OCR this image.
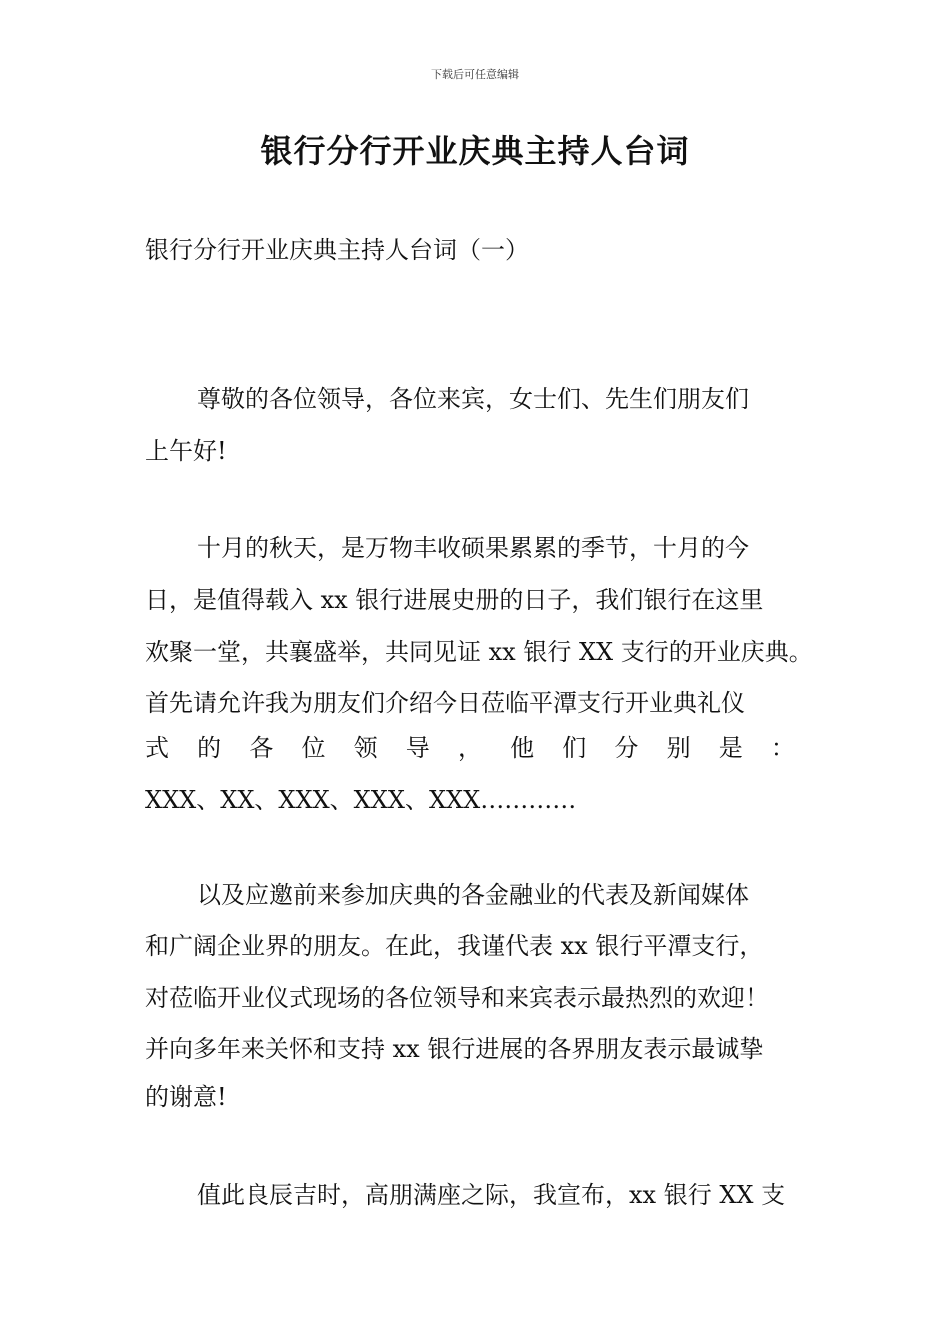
下载后可任意编辑
银行分行开业庆典主持人台词

银行分行开业庆典主持人台词（一）

尊敬的各位领导，各位来宾，女士们、先生们朋友们

上午好!

十月的秋天，是万物丰收硕果累累的季节，十月的今

日，是值得载入 xx 银行进展史册的日子，我们银行在这里

欢聚一堂，共襄盛举，共同见证 xx 银行 XX 支行的开业庆典。

首先请允许我为朋友们介绍今日莅临平潭支行开业典礼仪

式 的 各 位 领 导 ， 他 们 分 别 是 ：

XXX、XX、XXX、XXX、XXX…………

以及应邀前来参加庆典的各金融业的代表及新闻媒体

和广阔企业界的朋友。在此，我谨代表 xx 银行平潭支行，

对莅临开业仪式现场的各位领导和来宾表示最热烈的欢迎！

并向多年来关怀和支持 xx 银行进展的各界朋友表示最诚挚

的谢意!

值此良辰吉时，高朋满座之际，我宣布，xx 银行 XX 支
